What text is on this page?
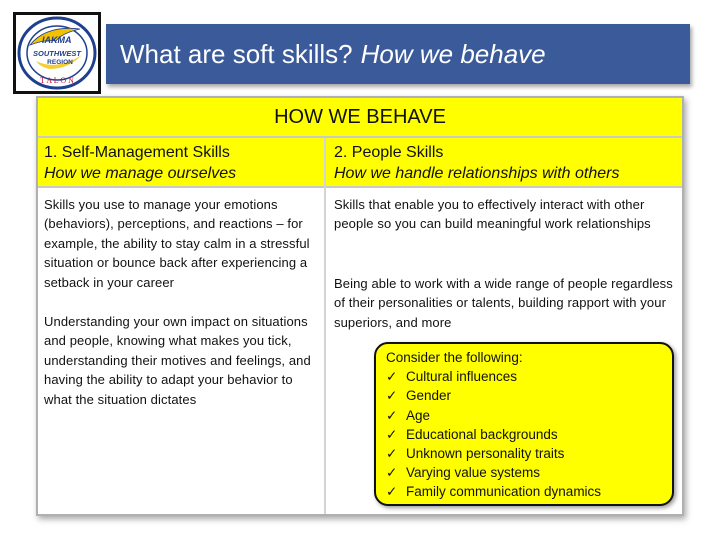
IAKMA
SOUTHWEST
REGION
T A L O N
What are soft skills? How we behave
HOW WE BEHAVE
1. Self-Management Skills
How we manage ourselves
2. People Skills
How we handle relationships with others
Skills you use to manage your emotions (behaviors), perceptions, and reactions – for example, the ability to stay calm in a stressful situation or bounce back after experiencing a setback in your career
Understanding your own impact on situations and people, knowing what makes you tick, understanding their motives and feelings, and having the ability to adapt your behavior to what the situation dictates
Skills that enable you to effectively interact with other people so you can build meaningful work relationships
Being able to work with a wide range of people regardless of their personalities or talents, building rapport with your superiors, and more
Consider the following:
✓ Cultural influences
✓ Gender
✓ Age
✓ Educational backgrounds
✓ Unknown personality traits
✓ Varying value systems
✓ Family communication dynamics
